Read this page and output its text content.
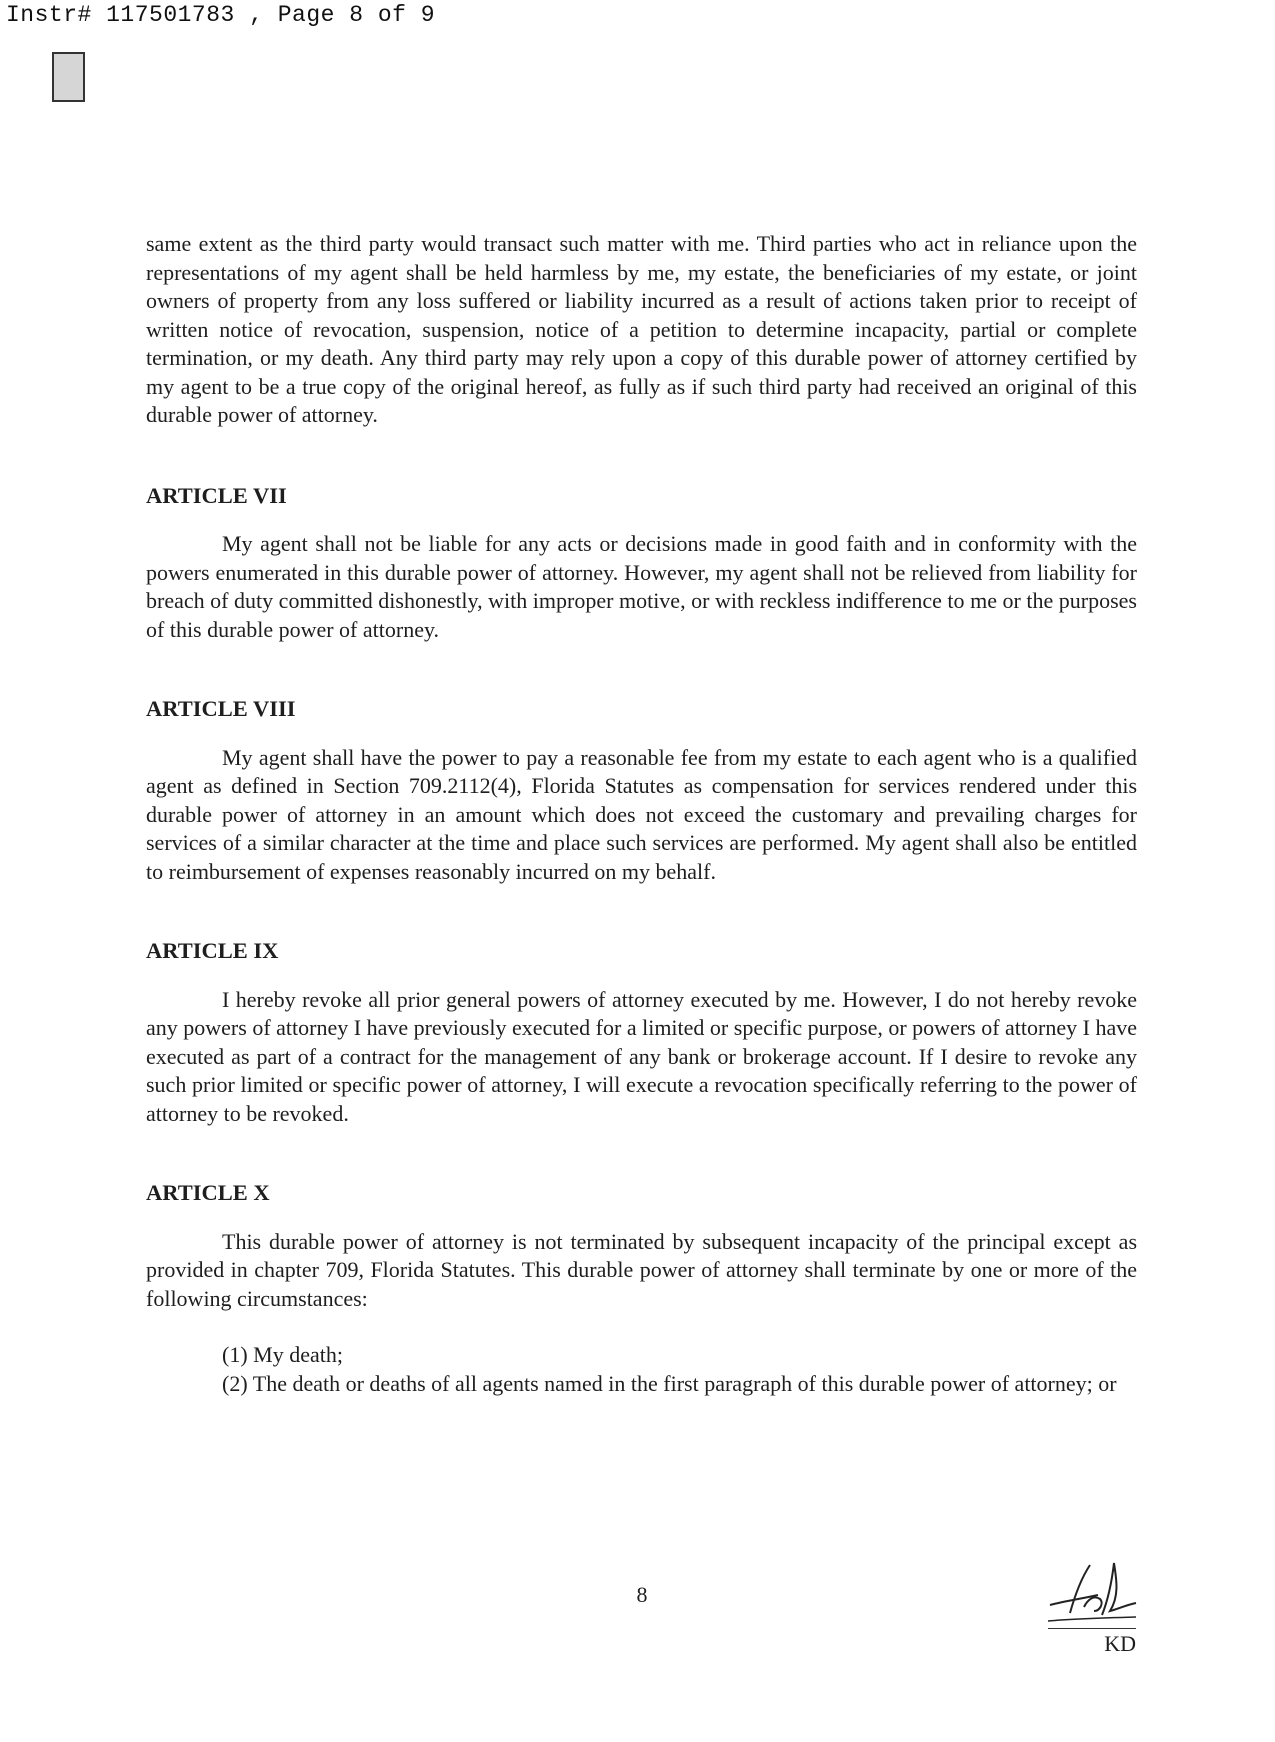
Instr# 117501783 , Page 8 of 9

same extent as the third party would transact such matter with me. Third parties who act in reliance upon the representations of my agent shall be held harmless by me, my estate, the beneficiaries of my estate, or joint owners of property from any loss suffered or liability incurred as a result of actions taken prior to receipt of written notice of revocation, suspension, notice of a petition to determine incapacity, partial or complete termination, or my death. Any third party may rely upon a copy of this durable power of attorney certified by my agent to be a true copy of the original hereof, as fully as if such third party had received an original of this durable power of attorney.

ARTICLE VII

My agent shall not be liable for any acts or decisions made in good faith and in conformity with the powers enumerated in this durable power of attorney. However, my agent shall not be relieved from liability for breach of duty committed dishonestly, with improper motive, or with reckless indifference to me or the purposes of this durable power of attorney.

ARTICLE VIII

My agent shall have the power to pay a reasonable fee from my estate to each agent who is a qualified agent as defined in Section 709.2112(4), Florida Statutes as compensation for services rendered under this durable power of attorney in an amount which does not exceed the customary and prevailing charges for services of a similar character at the time and place such services are performed. My agent shall also be entitled to reimbursement of expenses reasonably incurred on my behalf.

ARTICLE IX

I hereby revoke all prior general powers of attorney executed by me. However, I do not hereby revoke any powers of attorney I have previously executed for a limited or specific purpose, or powers of attorney I have executed as part of a contract for the management of any bank or brokerage account. If I desire to revoke any such prior limited or specific power of attorney, I will execute a revocation specifically referring to the power of attorney to be revoked.

ARTICLE X

This durable power of attorney is not terminated by subsequent incapacity of the principal except as provided in chapter 709, Florida Statutes. This durable power of attorney shall terminate by one or more of the following circumstances:

(1) My death;

(2) The death or deaths of all agents named in the first paragraph of this durable power of attorney; or

8
KD
